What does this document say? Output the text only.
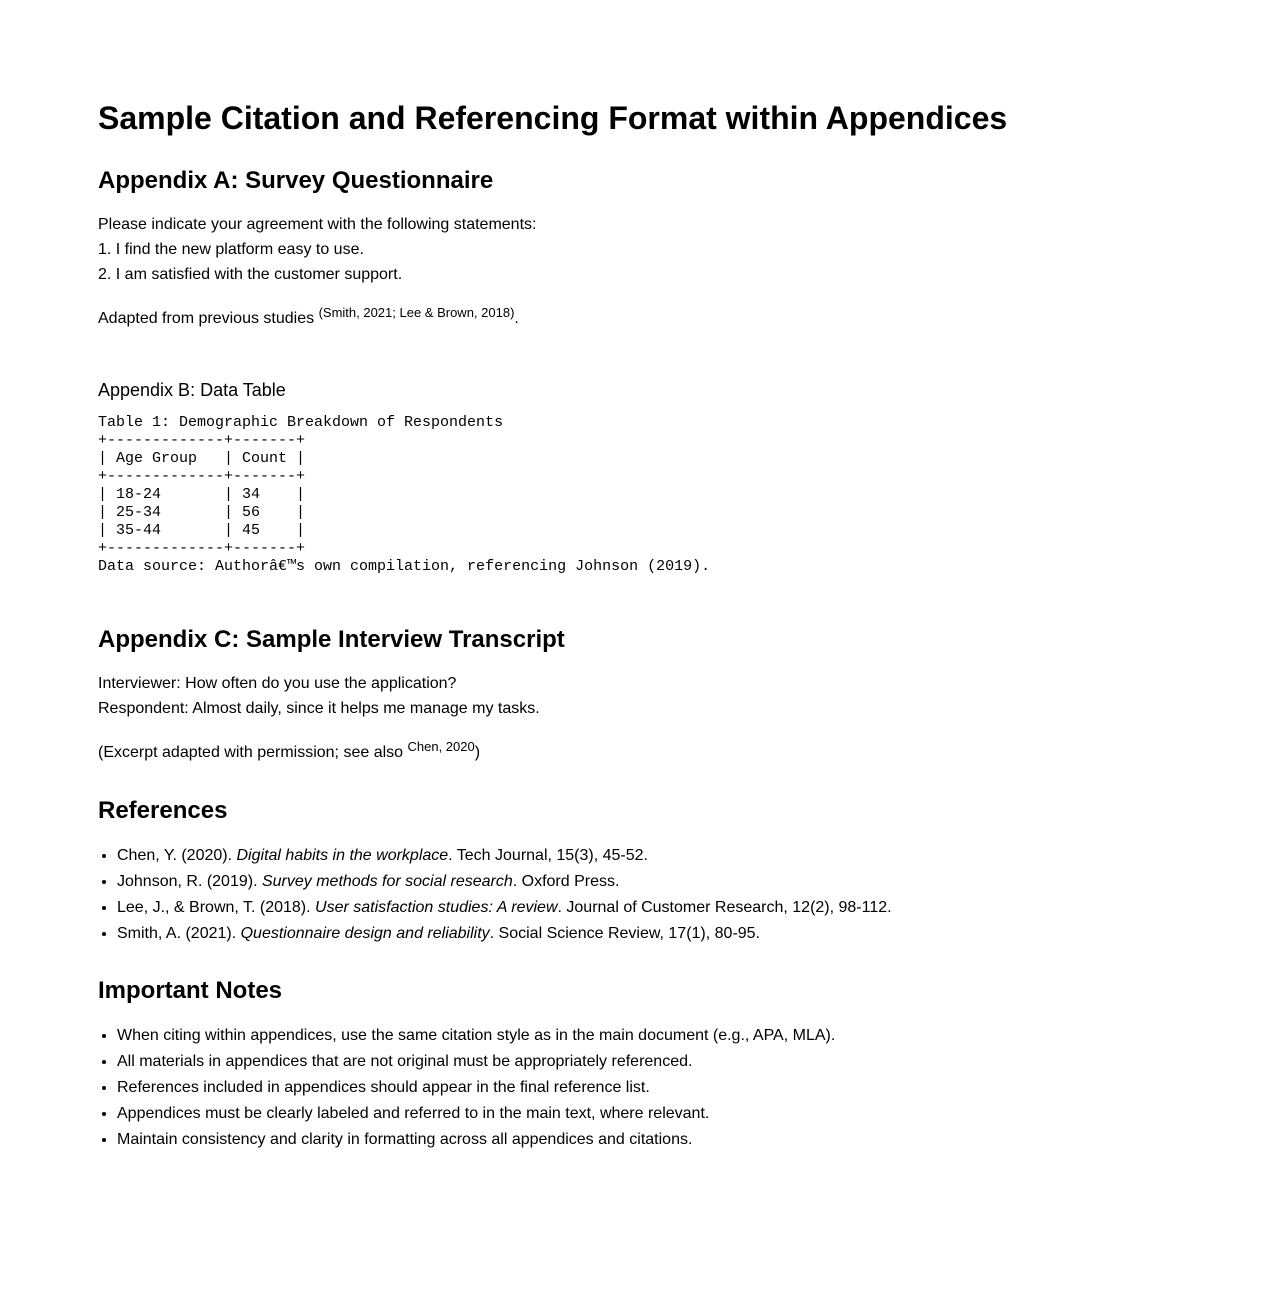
Sample Citation and Referencing Format within Appendices
Appendix A: Survey Questionnaire

Please indicate your agreement with the following statements:
1. I find the new platform easy to use.
2. I am satisfied with the customer support.

Adapted from previous studies $^{(Smith, 2021; Lee \& Brown, 2018)}$.

Appendix B: Data Table
Table 1: Demographic Breakdown of Respondents
+-------------+-------+
| Age Group   | Count |
+-------------+-------+
| 18-24       | 34    |
| 25-34       | 56    |
| 35-44       | 45    |
+-------------+-------+
Data source: Authorâ€™s own compilation, referencing Johnson (2019).
Appendix C: Sample Interview Transcript

Interviewer: How often do you use the application?
Respondent: Almost daily, since it helps me manage my tasks.

(Excerpt adapted with permission; see also $^{Chen, 2020}$)

References
• Chen, Y. (2020). Digital habits in the workplace. Tech Journal, 15(3), 45-52.
• Johnson, R. (2019). Survey methods for social research. Oxford Press.
• Lee, J., & Brown, T. (2018). User satisfaction studies: A review. Journal of Customer Research, 12(2), 98-112.
• Smith, A. (2021). Questionnaire design and reliability. Social Science Review, 17(1), 80-95.
Important Notes
• When citing within appendices, use the same citation style as in the main document (e.g., APA, MLA).
• All materials in appendices that are not original must be appropriately referenced.
• References included in appendices should appear in the final reference list.
• Appendices must be clearly labeled and referred to in the main text, where relevant.
• Maintain consistency and clarity in formatting across all appendices and citations.
